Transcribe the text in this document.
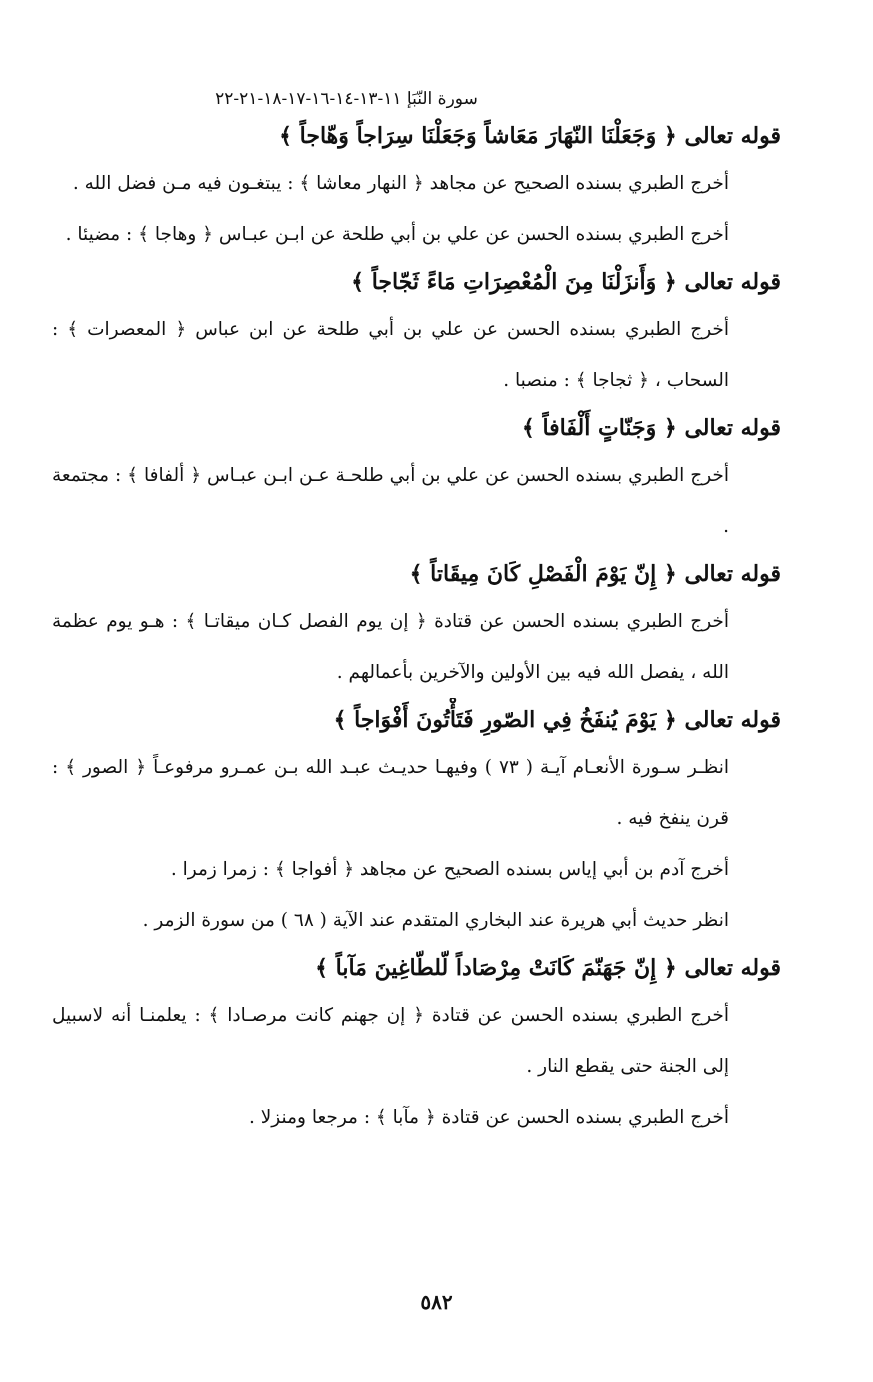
سورة النّبَإ ١١-١٣-١٤-١٦-١٧-١٨-٢١-٢٢
قوله تعالى ﴿ وَجَعَلْنَا النّهَارَ مَعَاشاً وَجَعَلْنَا سِرَاجاً وَهّاجاً ﴾
أخرج الطبري بسنده الصحيح عن مجاهد ﴿ النهار معاشا ﴾ : يبتغـون فيه مـن فضل الله .
أخرج الطبري بسنده الحسن عن علي بن أبي طلحة عن ابـن عبـاس ﴿ وهاجا ﴾ : مضيئا .
قوله تعالى ﴿ وَأَنزَلْنَا مِنَ الْمُعْصِرَاتِ مَاءً ثَجّاجاً ﴾
أخرج الطبري بسنده الحسن عن علي بن أبي طلحة عن ابن عباس ﴿ المعصرات ﴾ : السحاب ، ﴿ ثجاجا ﴾ : منصبا .
قوله تعالى ﴿ وَجَنّاتٍ أَلْفَافاً ﴾
أخرج الطبري بسنده الحسن عن علي بن أبي طلحـة عـن ابـن عبـاس ﴿ ألفافا ﴾ : مجتمعة .
قوله تعالى ﴿ إِنّ يَوْمَ الْفَصْلِ كَانَ مِيقَاتاً ﴾
أخرج الطبري بسنده الحسن عن قتادة ﴿ إن يوم الفصل كـان ميقاتـا ﴾ : هـو يوم عظمة الله ، يفصل الله فيه بين الأولين والآخرين بأعمالهم .
قوله تعالى ﴿ يَوْمَ يُنفَخُ فِي الصّورِ فَتَأْتُونَ أَفْوَاجاً ﴾
انظـر سـورة الأنعـام آيـة ( ٧٣ ) وفيهـا حديـث عبـد الله بـن عمـرو مرفوعـاً ﴿ الصور ﴾ : قرن ينفخ فيه .
أخرج آدم بن أبي إياس بسنده الصحيح عن مجاهد ﴿ أفواجا ﴾ : زمرا زمرا .
انظر حديث أبي هريرة عند البخاري المتقدم عند الآية ( ٦٨ ) من سورة الزمر .
قوله تعالى ﴿ إِنّ جَهَنّمَ كَانَتْ مِرْصَاداً لّلطّاغِينَ مَآباً ﴾
أخرج الطبري بسنده الحسن عن قتادة ﴿ إن جهنم كانت مرصـادا ﴾ : يعلمنـا أنه لاسبيل إلى الجنة حتى يقطع النار .
أخرج الطبري بسنده الحسن عن قتادة ﴿ مآبا ﴾ : مرجعا ومنزلا .
٥٨٢
